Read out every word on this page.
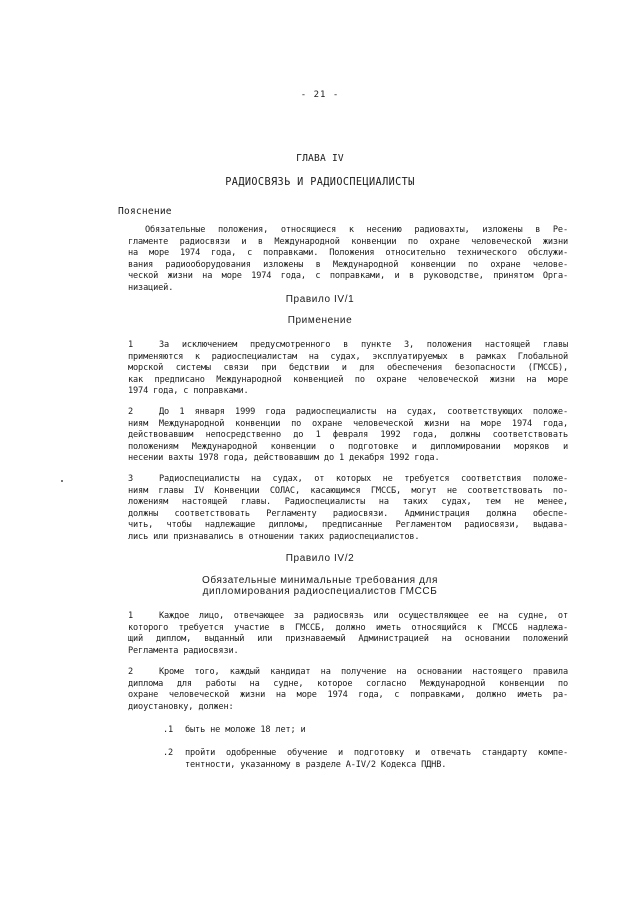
- 21 -
ГЛАВА IV
РАДИОСВЯЗЬ И РАДИОСПЕЦИАЛИСТЫ
Пояснение
Обязательные положения, относящиеся к несению радиовахты, изложены в Ре-
гламенте радиосвязи и в Международной конвенции по охране человеческой жизни
на море 1974 года, с поправками. Положения относительно технического обслужи-
вания радиооборудования изложены в Международной конвенции по охране челове-
ческой жизни на море 1974 года, с поправками, и в руководстве, принятом Орга-
низацией.
Правило IV/1
Применение
1	За исключением предусмотренного в пункте 3, положения настоящей главы
применяются к радиоспециалистам на судах, эксплуатируемых в рамках Глобальной
морской системы связи при бедствии и для обеспечения безопасности (ГМССБ),
как предписано Международной конвенцией по охране человеческой жизни на море
1974 года, с поправками.
2	До 1 января 1999 года радиоспециалисты на судах, соответствующих положе-
ниям Международной конвенции по охране человеческой жизни на море 1974 года,
действовавшим непосредственно до 1 февраля 1992 года, должны соответствовать
положениям Международной конвенции о подготовке и дипломировании моряков и
несении вахты 1978 года, действовавшим до 1 декабря 1992 года.
3	Радиоспециалисты на судах, от которых не требуется соответствия положе-
ниям главы IV Конвенции СОЛАС, касающимся ГМССБ, могут не соответствовать по-
ложениям настоящей главы. Радиоспециалисты на таких судах, тем не менее,
должны соответствовать Регламенту радиосвязи. Администрация должна обеспе-
чить, чтобы надлежащие дипломы, предписанные Регламентом радиосвязи, выдава-
лись или признавались в отношении таких радиоспециалистов.
Правило IV/2
Обязательные минимальные требования для
дипломирования радиоспециалистов ГМССБ
1	Каждое лицо, отвечающее за радиосвязь или осуществляющее ее на судне, от
которого требуется участие в ГМССБ, должно иметь относящийся к ГМССБ надлежа-
щий диплом, выданный или признаваемый Администрацией на основании положений
Регламента радиосвязи.
2	Кроме того, каждый кандидат на получение на основании настоящего правила
диплома для работы на судне, которое согласно Международной конвенции по
охране человеческой жизни на море 1974 года, с поправками, должно иметь ра-
диоустановку, должен:
.1 быть не моложе 18 лет; и
.2 пройти одобренные обучение и подготовку и отвечать стандарту компе-
тентности, указанному в разделе A-IV/2 Кодекса ПДНВ.
